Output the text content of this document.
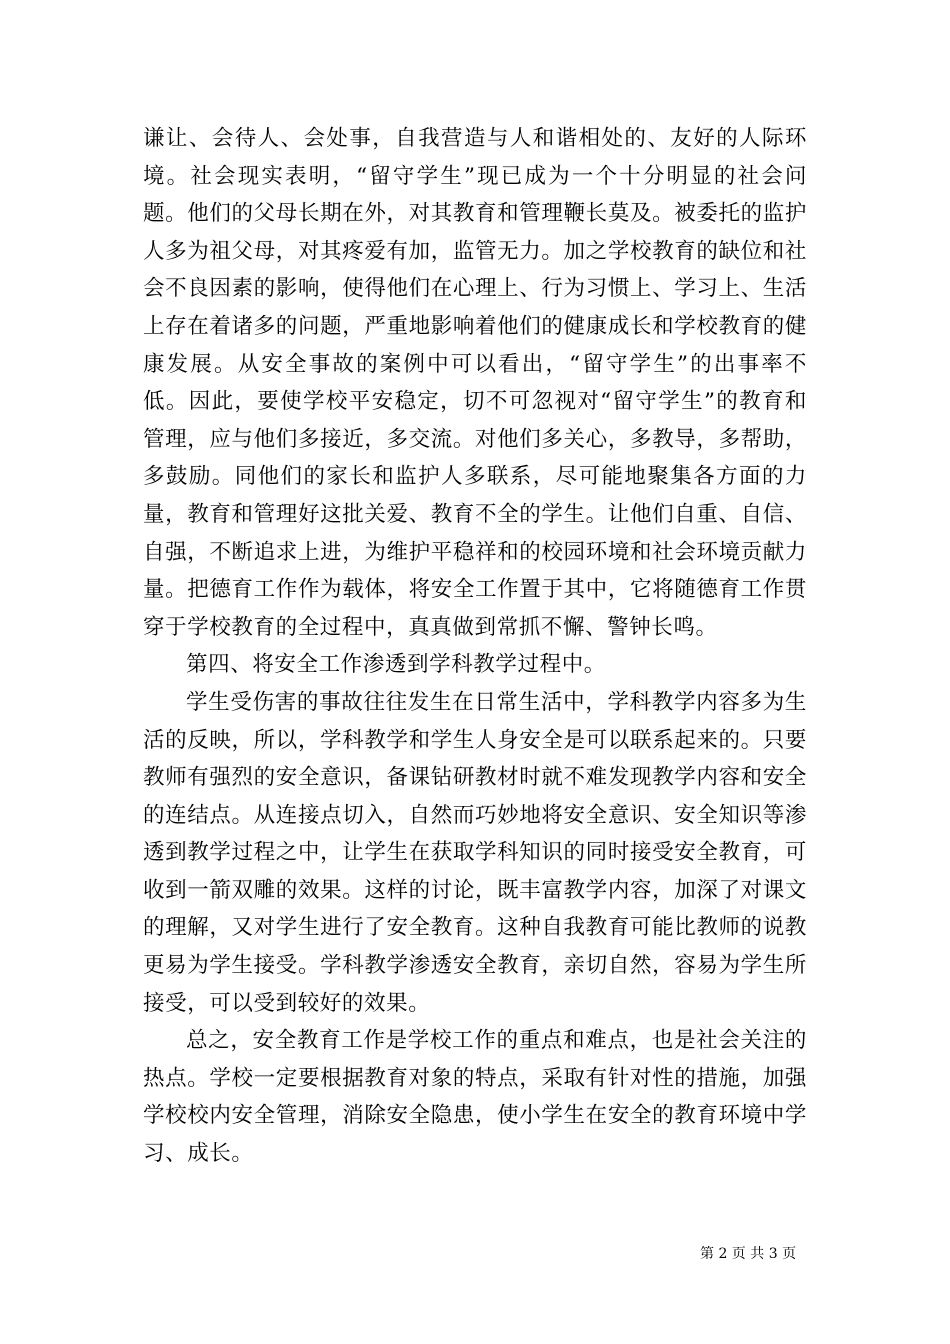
谦让、会待人、会处事，自我营造与人和谐相处的、友好的人际环境。社会现实表明，“留守学生”现已成为一个十分明显的社会问题。他们的父母长期在外，对其教育和管理鞭长莫及。被委托的监护人多为祖父母，对其疼爱有加，监管无力。加之学校教育的缺位和社会不良因素的影响，使得他们在心理上、行为习惯上、学习上、生活上存在着诸多的问题，严重地影响着他们的健康成长和学校教育的健康发展。从安全事故的案例中可以看出，“留守学生”的出事率不低。因此，要使学校平安稳定，切不可忽视对“留守学生”的教育和管理，应与他们多接近，多交流。对他们多关心，多教导，多帮助，多鼓励。同他们的家长和监护人多联系，尽可能地聚集各方面的力量，教育和管理好这批关爱、教育不全的学生。让他们自重、自信、自强，不断追求上进，为维护平稳祥和的校园环境和社会环境贡献力量。把德育工作作为载体，将安全工作置于其中，它将随德育工作贯穿于学校教育的全过程中，真真做到常抓不懈、警钟长鸣。

第四、将安全工作渗透到学科教学过程中。

学生受伤害的事故往往发生在日常生活中，学科教学内容多为生活的反映，所以，学科教学和学生人身安全是可以联系起来的。只要教师有强烈的安全意识，备课钻研教材时就不难发现教学内容和安全的连结点。从连接点切入，自然而巧妙地将安全意识、安全知识等渗透到教学过程之中，让学生在获取学科知识的同时接受安全教育，可收到一箭双雕的效果。这样的讨论，既丰富教学内容，加深了对课文的理解，又对学生进行了安全教育。这种自我教育可能比教师的说教更易为学生接受。学科教学渗透安全教育，亲切自然，容易为学生所接受，可以受到较好的效果。

总之，安全教育工作是学校工作的重点和难点，也是社会关注的热点。学校一定要根据教育对象的特点，采取有针对性的措施，加强学校校内安全管理，消除安全隐患，使小学生在安全的教育环境中学习、成长。

第 2 页 共 3 页
